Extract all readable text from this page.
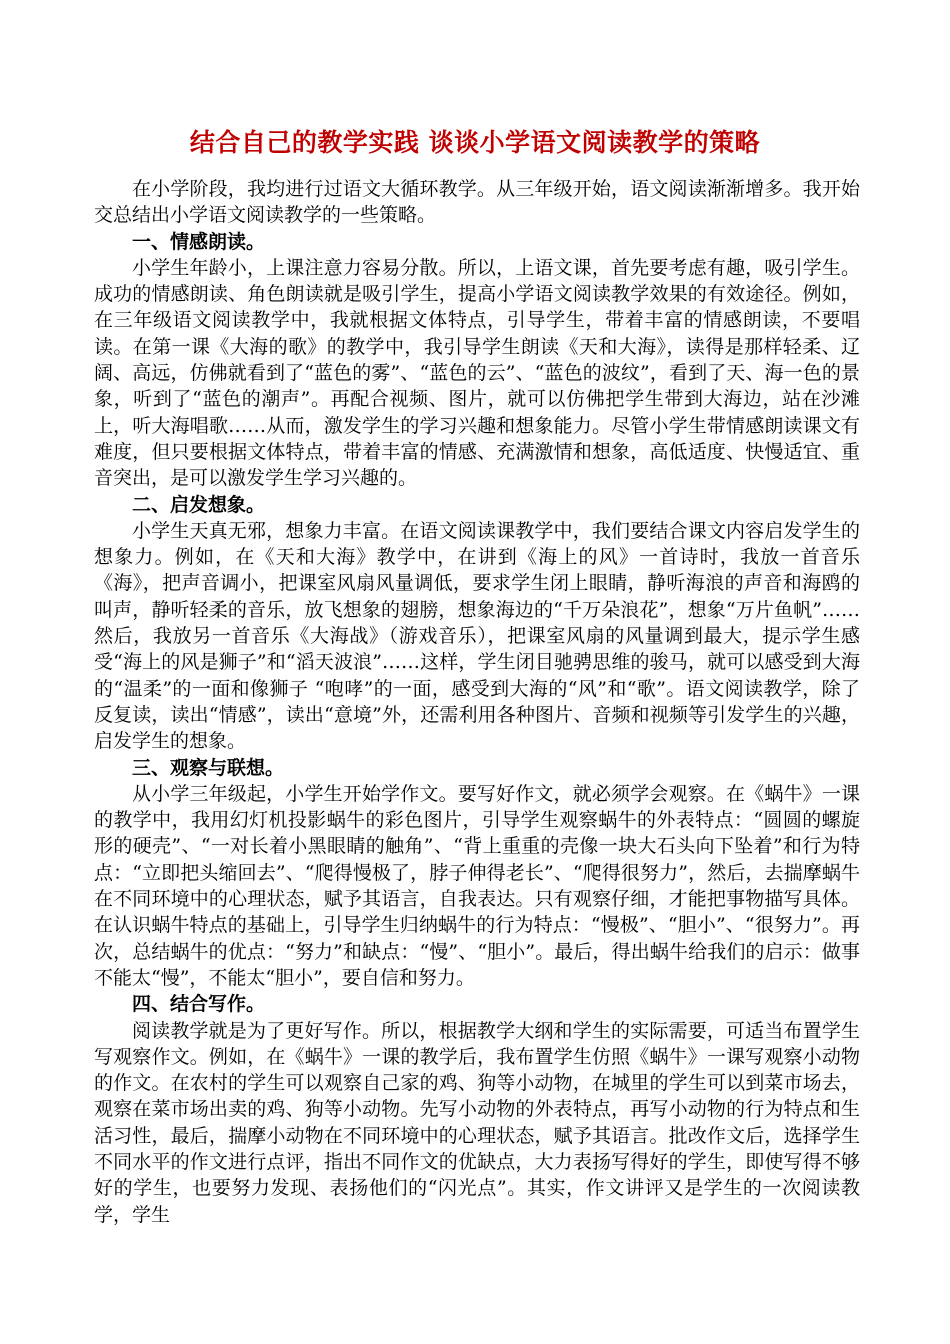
结合自己的教学实践 谈谈小学语文阅读教学的策略

在小学阶段，我均进行过语文大循环教学。从三年级开始，语文阅读渐渐增多。我开始交总结出小学语文阅读教学的一些策略。

一、情感朗读。

小学生年龄小，上课注意力容易分散。所以，上语文课，首先要考虑有趣，吸引学生。成功的情感朗读、角色朗读就是吸引学生，提高小学语文阅读教学效果的有效途径。例如，在三年级语文阅读教学中，我就根据文体特点，引导学生，带着丰富的情感朗读，不要唱读。在第一课《大海的歌》的教学中，我引导学生朗读《天和大海》，读得是那样轻柔、辽阔、高远，仿佛就看到了“蓝色的雾”、“蓝色的云”、“蓝色的波纹”，看到了天、海一色的景象，听到了“蓝色的潮声”。再配合视频、图片，就可以仿佛把学生带到大海边，站在沙滩上，听大海唱歌……从而，激发学生的学习兴趣和想象能力。尽管小学生带情感朗读课文有难度，但只要根据文体特点，带着丰富的情感、充满激情和想象，高低适度、快慢适宜、重音突出，是可以激发学生学习兴趣的。

二、启发想象。

小学生天真无邪，想象力丰富。在语文阅读课教学中，我们要结合课文内容启发学生的想象力。例如，在《天和大海》教学中，在讲到《海上的风》一首诗时，我放一首音乐《海》，把声音调小，把课室风扇风量调低，要求学生闭上眼睛，静听海浪的声音和海鸥的叫声，静听轻柔的音乐，放飞想象的翅膀，想象海边的“千万朵浪花”，想象“万片鱼帆”……然后，我放另一首音乐《大海战》（游戏音乐），把课室风扇的风量调到最大，提示学生感受“海上的风是狮子”和“滔天波浪”……这样，学生闭目驰骋思维的骏马，就可以感受到大海的“温柔”的一面和像狮子 “咆哮”的一面，感受到大海的“风”和“歌”。语文阅读教学，除了反复读，读出“情感”，读出“意境”外，还需利用各种图片、音频和视频等引发学生的兴趣，启发学生的想象。

三、观察与联想。

从小学三年级起，小学生开始学作文。要写好作文，就必须学会观察。在《蜗牛》一课的教学中，我用幻灯机投影蜗牛的彩色图片，引导学生观察蜗牛的外表特点：“圆圆的螺旋形的硬壳”、“一对长着小黑眼睛的触角”、“背上重重的壳像一块大石头向下坠着”和行为特点：“立即把头缩回去”、“爬得慢极了，脖子伸得老长”、“爬得很努力”，然后，去揣摩蜗牛在不同环境中的心理状态，赋予其语言，自我表达。只有观察仔细，才能把事物描写具体。在认识蜗牛特点的基础上，引导学生归纳蜗牛的行为特点：“慢极”、“胆小”、“很努力”。再次，总结蜗牛的优点：“努力”和缺点：“慢”、“胆小”。最后，得出蜗牛给我们的启示：做事不能太“慢”，不能太“胆小”，要自信和努力。

四、结合写作。

阅读教学就是为了更好写作。所以，根据教学大纲和学生的实际需要，可适当布置学生写观察作文。例如，在《蜗牛》一课的教学后，我布置学生仿照《蜗牛》一课写观察小动物的作文。在农村的学生可以观察自己家的鸡、狗等小动物，在城里的学生可以到菜市场去，观察在菜市场出卖的鸡、狗等小动物。先写小动物的外表特点，再写小动物的行为特点和生活习性，最后，揣摩小动物在不同环境中的心理状态，赋予其语言。批改作文后，选择学生不同水平的作文进行点评，指出不同作文的优缺点，大力表扬写得好的学生，即使写得不够好的学生，也要努力发现、表扬他们的“闪光点”。其实，作文讲评又是学生的一次阅读教学，学生
